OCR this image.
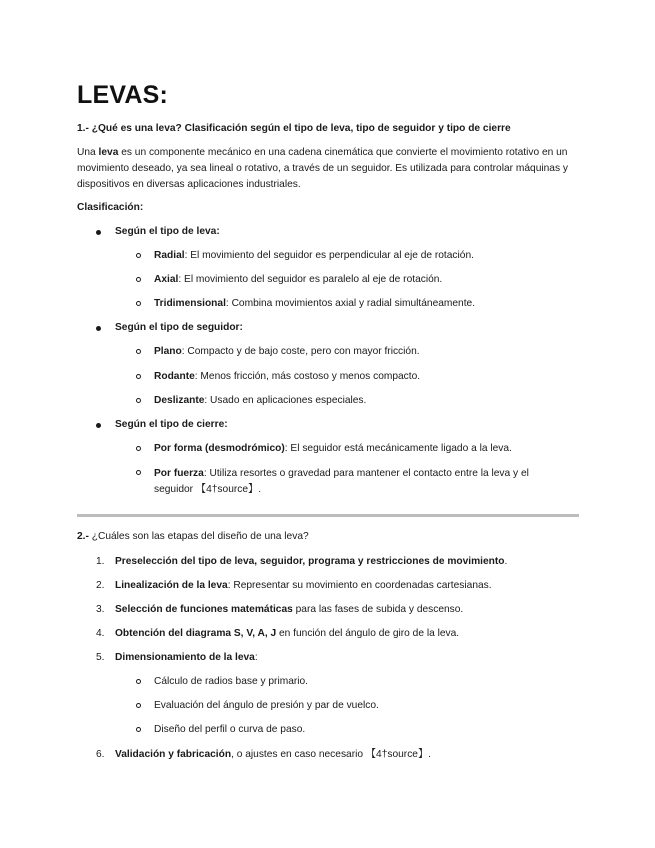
LEVAS:

1.- ¿Qué es una leva? Clasificación según el tipo de leva, tipo de seguidor y tipo de cierre

Una leva es un componente mecánico en una cadena cinemática que convierte el movimiento rotativo en un movimiento deseado, ya sea lineal o rotativo, a través de un seguidor. Es utilizada para controlar máquinas y dispositivos en diversas aplicaciones industriales.

Clasificación:

Según el tipo de leva:
Radial: El movimiento del seguidor es perpendicular al eje de rotación.
Axial: El movimiento del seguidor es paralelo al eje de rotación.
Tridimensional: Combina movimientos axial y radial simultáneamente.
Según el tipo de seguidor:
Plano: Compacto y de bajo coste, pero con mayor fricción.
Rodante: Menos fricción, más costoso y menos compacto.
Deslizante: Usado en aplicaciones especiales.
Según el tipo de cierre:
Por forma (desmodrómico): El seguidor está mecánicamente ligado a la leva.
Por fuerza: Utiliza resortes o gravedad para mantener el contacto entre la leva y el seguidor 【4†source】.

2.- ¿Cuáles son las etapas del diseño de una leva?

1. Preselección del tipo de leva, seguidor, programa y restricciones de movimiento.
2. Linealización de la leva: Representar su movimiento en coordenadas cartesianas.
3. Selección de funciones matemáticas para las fases de subida y descenso.
4. Obtención del diagrama S, V, A, J en función del ángulo de giro de la leva.
5. Dimensionamiento de la leva:
Cálculo de radios base y primario.
Evaluación del ángulo de presión y par de vuelco.
Diseño del perfil o curva de paso.
6. Validación y fabricación, o ajustes en caso necesario 【4†source】.
